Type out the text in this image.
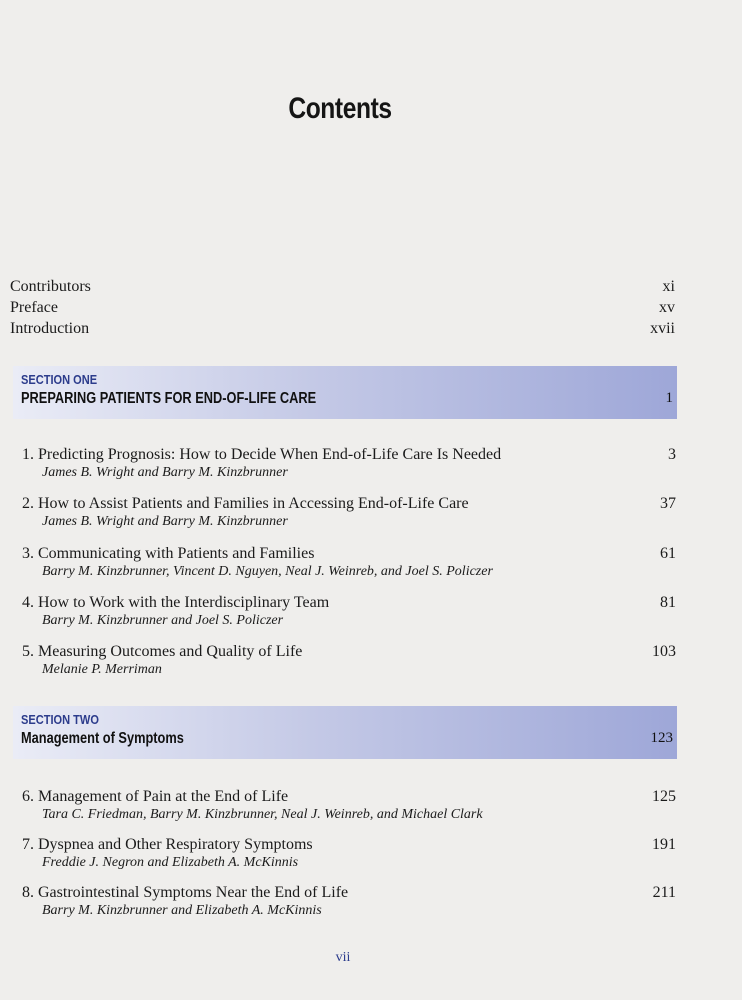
Contents
Contributors	xi
Preface	xv
Introduction	xvii
SECTION ONE
PREPARING PATIENTS FOR END-OF-LIFE CARE	1
1. Predicting Prognosis: How to Decide When End-of-Life Care Is Needed	3
James B. Wright and Barry M. Kinzbrunner
2. How to Assist Patients and Families in Accessing End-of-Life Care	37
James B. Wright and Barry M. Kinzbrunner
3. Communicating with Patients and Families	61
Barry M. Kinzbrunner, Vincent D. Nguyen, Neal J. Weinreb, and Joel S. Policzer
4. How to Work with the Interdisciplinary Team	81
Barry M. Kinzbrunner and Joel S. Policzer
5. Measuring Outcomes and Quality of Life	103
Melanie P. Merriman
SECTION TWO
Management of Symptoms	123
6. Management of Pain at the End of Life	125
Tara C. Friedman, Barry M. Kinzbrunner, Neal J. Weinreb, and Michael Clark
7. Dyspnea and Other Respiratory Symptoms	191
Freddie J. Negron and Elizabeth A. McKinnis
8. Gastrointestinal Symptoms Near the End of Life	211
Barry M. Kinzbrunner and Elizabeth A. McKinnis
vii
